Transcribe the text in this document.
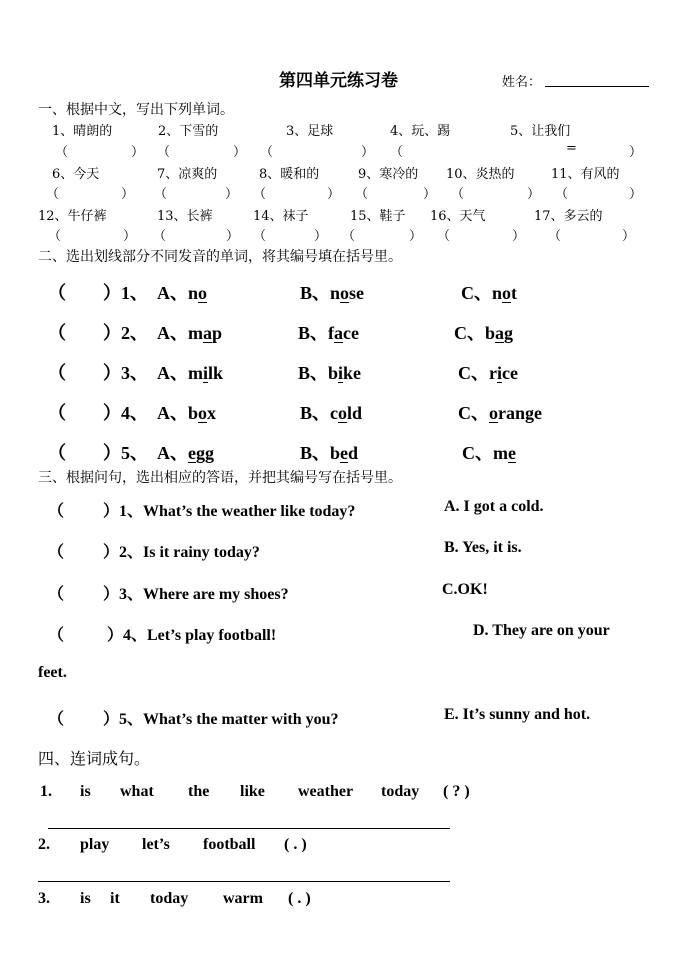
第四单元练习卷	姓名：
一、根据中文，写出下列单词。
1、晴朗的	2、下雪的	3、足球	4、玩、踢	5、让我们
（	） （	） （	） （	=	）
6、今天	7、凉爽的	8、暖和的	9、寒冷的 10、炎热的	11、有风的
（	） （	） （	） （	） （	） （	）
12、牛仔裤	13、长裤	14、袜子	15、鞋子 16、天气	17、多云的
（	） （	） （	） （	） （	） （	）
二、选出划线部分不同发音的单词，将其编号填在括号里。
（ ）1、 A、no	B、nose	C、not
（ ）2、 A、map	B、face	C、bag
（ ）3、 A、milk	B、bike	C、rice
（ ）4、 A、box	B、cold	C、orange
（ ）5、 A、egg	B、bed	C、me
三、根据问句，选出相应的答语，并把其编号写在括号里。
（ ）1、What’s the weather like today?	A. I got a cold.
（ ）2、Is it rainy today?	B. Yes, it is.
（ ）3、Where are my shoes?	C.OK!
（	）4、Let’s play football!	D. They are on your
feet.
（ ）5、What’s the matter with you?	E. It’s sunny and hot.
四、连词成句。
1. is what the like weather today ( ? )
2. play let’s football ( . )
3. is it today warm ( . )
